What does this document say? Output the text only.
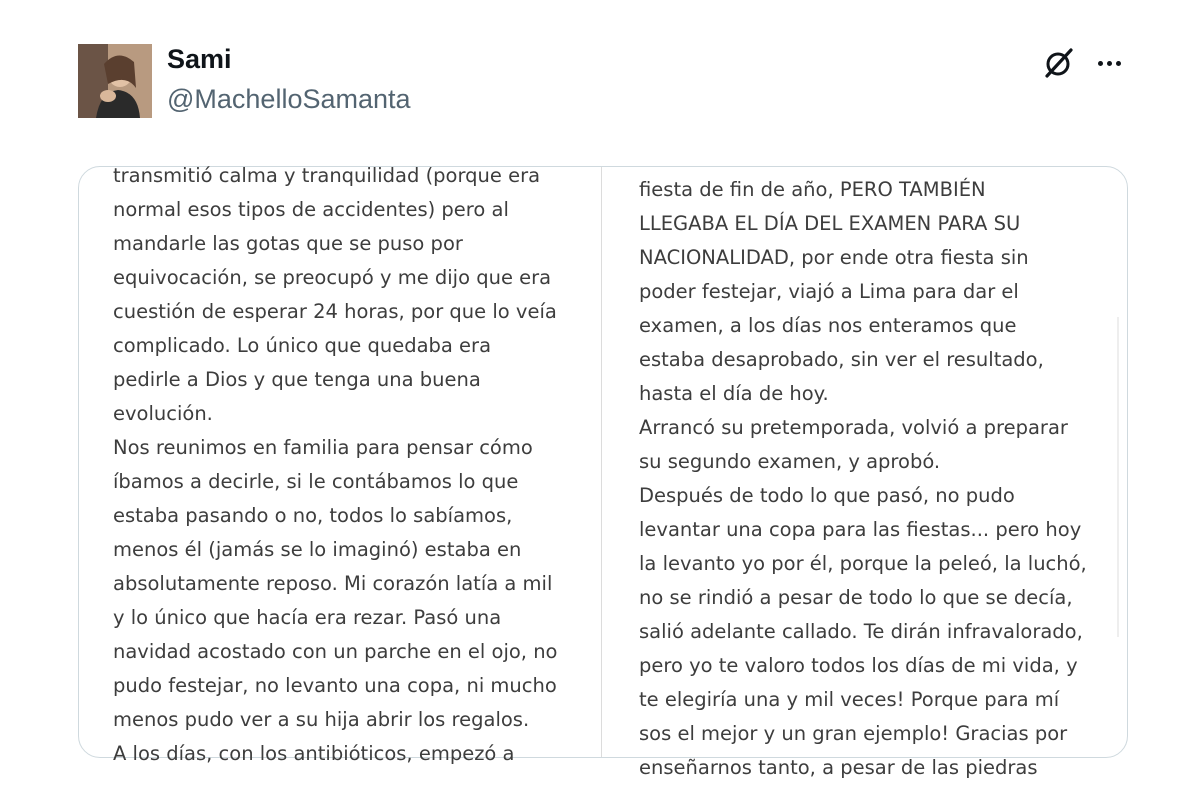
Sami
@MachelloSamanta
transmitió calma y tranquilidad (porque era
normal esos tipos de accidentes) pero al
mandarle las gotas que se puso por
equivocación, se preocupó y me dijo que era
cuestión de esperar 24 horas, por que lo veía
complicado. Lo único que quedaba era
pedirle a Dios y que tenga una buena
evolución.
Nos reunimos en familia para pensar cómo
íbamos a decirle, si le contábamos lo que
estaba pasando o no, todos lo sabíamos,
menos él (jamás se lo imaginó) estaba en
absolutamente reposo. Mi corazón latía a mil
y lo único que hacía era rezar. Pasó una
navidad acostado con un parche en el ojo, no
pudo festejar, no levanto una copa, ni mucho
menos pudo ver a su hija abrir los regalos.
A los días, con los antibióticos, empezó a
fiesta de fin de año, PERO TAMBIÉN
LLEGABA EL DÍA DEL EXAMEN PARA SU
NACIONALIDAD, por ende otra fiesta sin
poder festejar, viajó a Lima para dar el
examen, a los días nos enteramos que
estaba desaprobado, sin ver el resultado,
hasta el día de hoy.
Arrancó su pretemporada, volvió a preparar
su segundo examen, y aprobó.
Después de todo lo que pasó, no pudo
levantar una copa para las fiestas... pero hoy
la levanto yo por él, porque la peleó, la luchó,
no se rindió a pesar de todo lo que se decía,
salió adelante callado. Te dirán infravalorado,
pero yo te valoro todos los días de mi vida, y
te elegiría una y mil veces! Porque para mí
sos el mejor y un gran ejemplo! Gracias por
enseñarnos tanto, a pesar de las piedras
